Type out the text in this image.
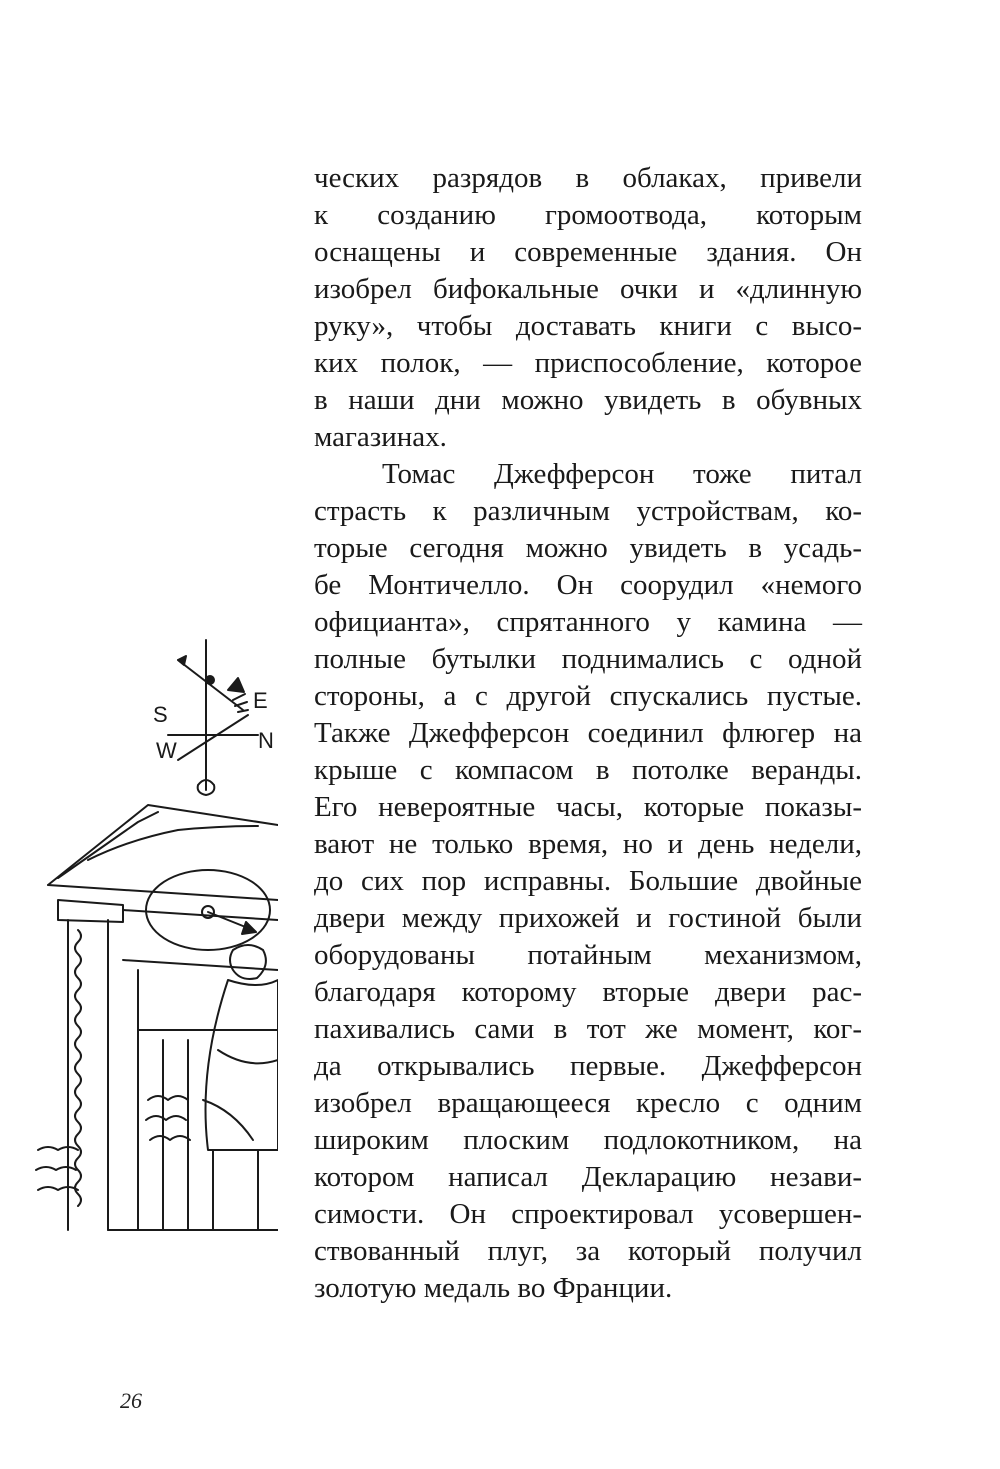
S
W
E
N
ческих разрядов в облаках, привели
к созданию громоотвода, которым
оснащены и современные здания. Он
изобрел бифокальные очки и «длинную
руку», чтобы доставать книги с высо-
ких полок, — приспособление, которое
в наши дни можно увидеть в обувных
магазинах.
Томас Джефферсон тоже питал
страсть к различным устройствам, ко-
торые сегодня можно увидеть в усадь-
бе Монтичелло. Он соорудил «немого
официанта», спрятанного у камина —
полные бутылки поднимались с одной
стороны, а с другой спускались пустые.
Также Джефферсон соединил флюгер на
крыше с компасом в потолке веранды.
Его невероятные часы, которые показы-
вают не только время, но и день недели,
до сих пор исправны. Большие двойные
двери между прихожей и гостиной были
оборудованы потайным механизмом,
благодаря которому вторые двери рас-
пахивались сами в тот же момент, ког-
да открывались первые. Джефферсон
изобрел вращающееся кресло с одним
широким плоским подлокотником, на
котором написал Декларацию незави-
симости. Он спроектировал усовершен-
ствованный плуг, за который получил
золотую медаль во Франции.
26
